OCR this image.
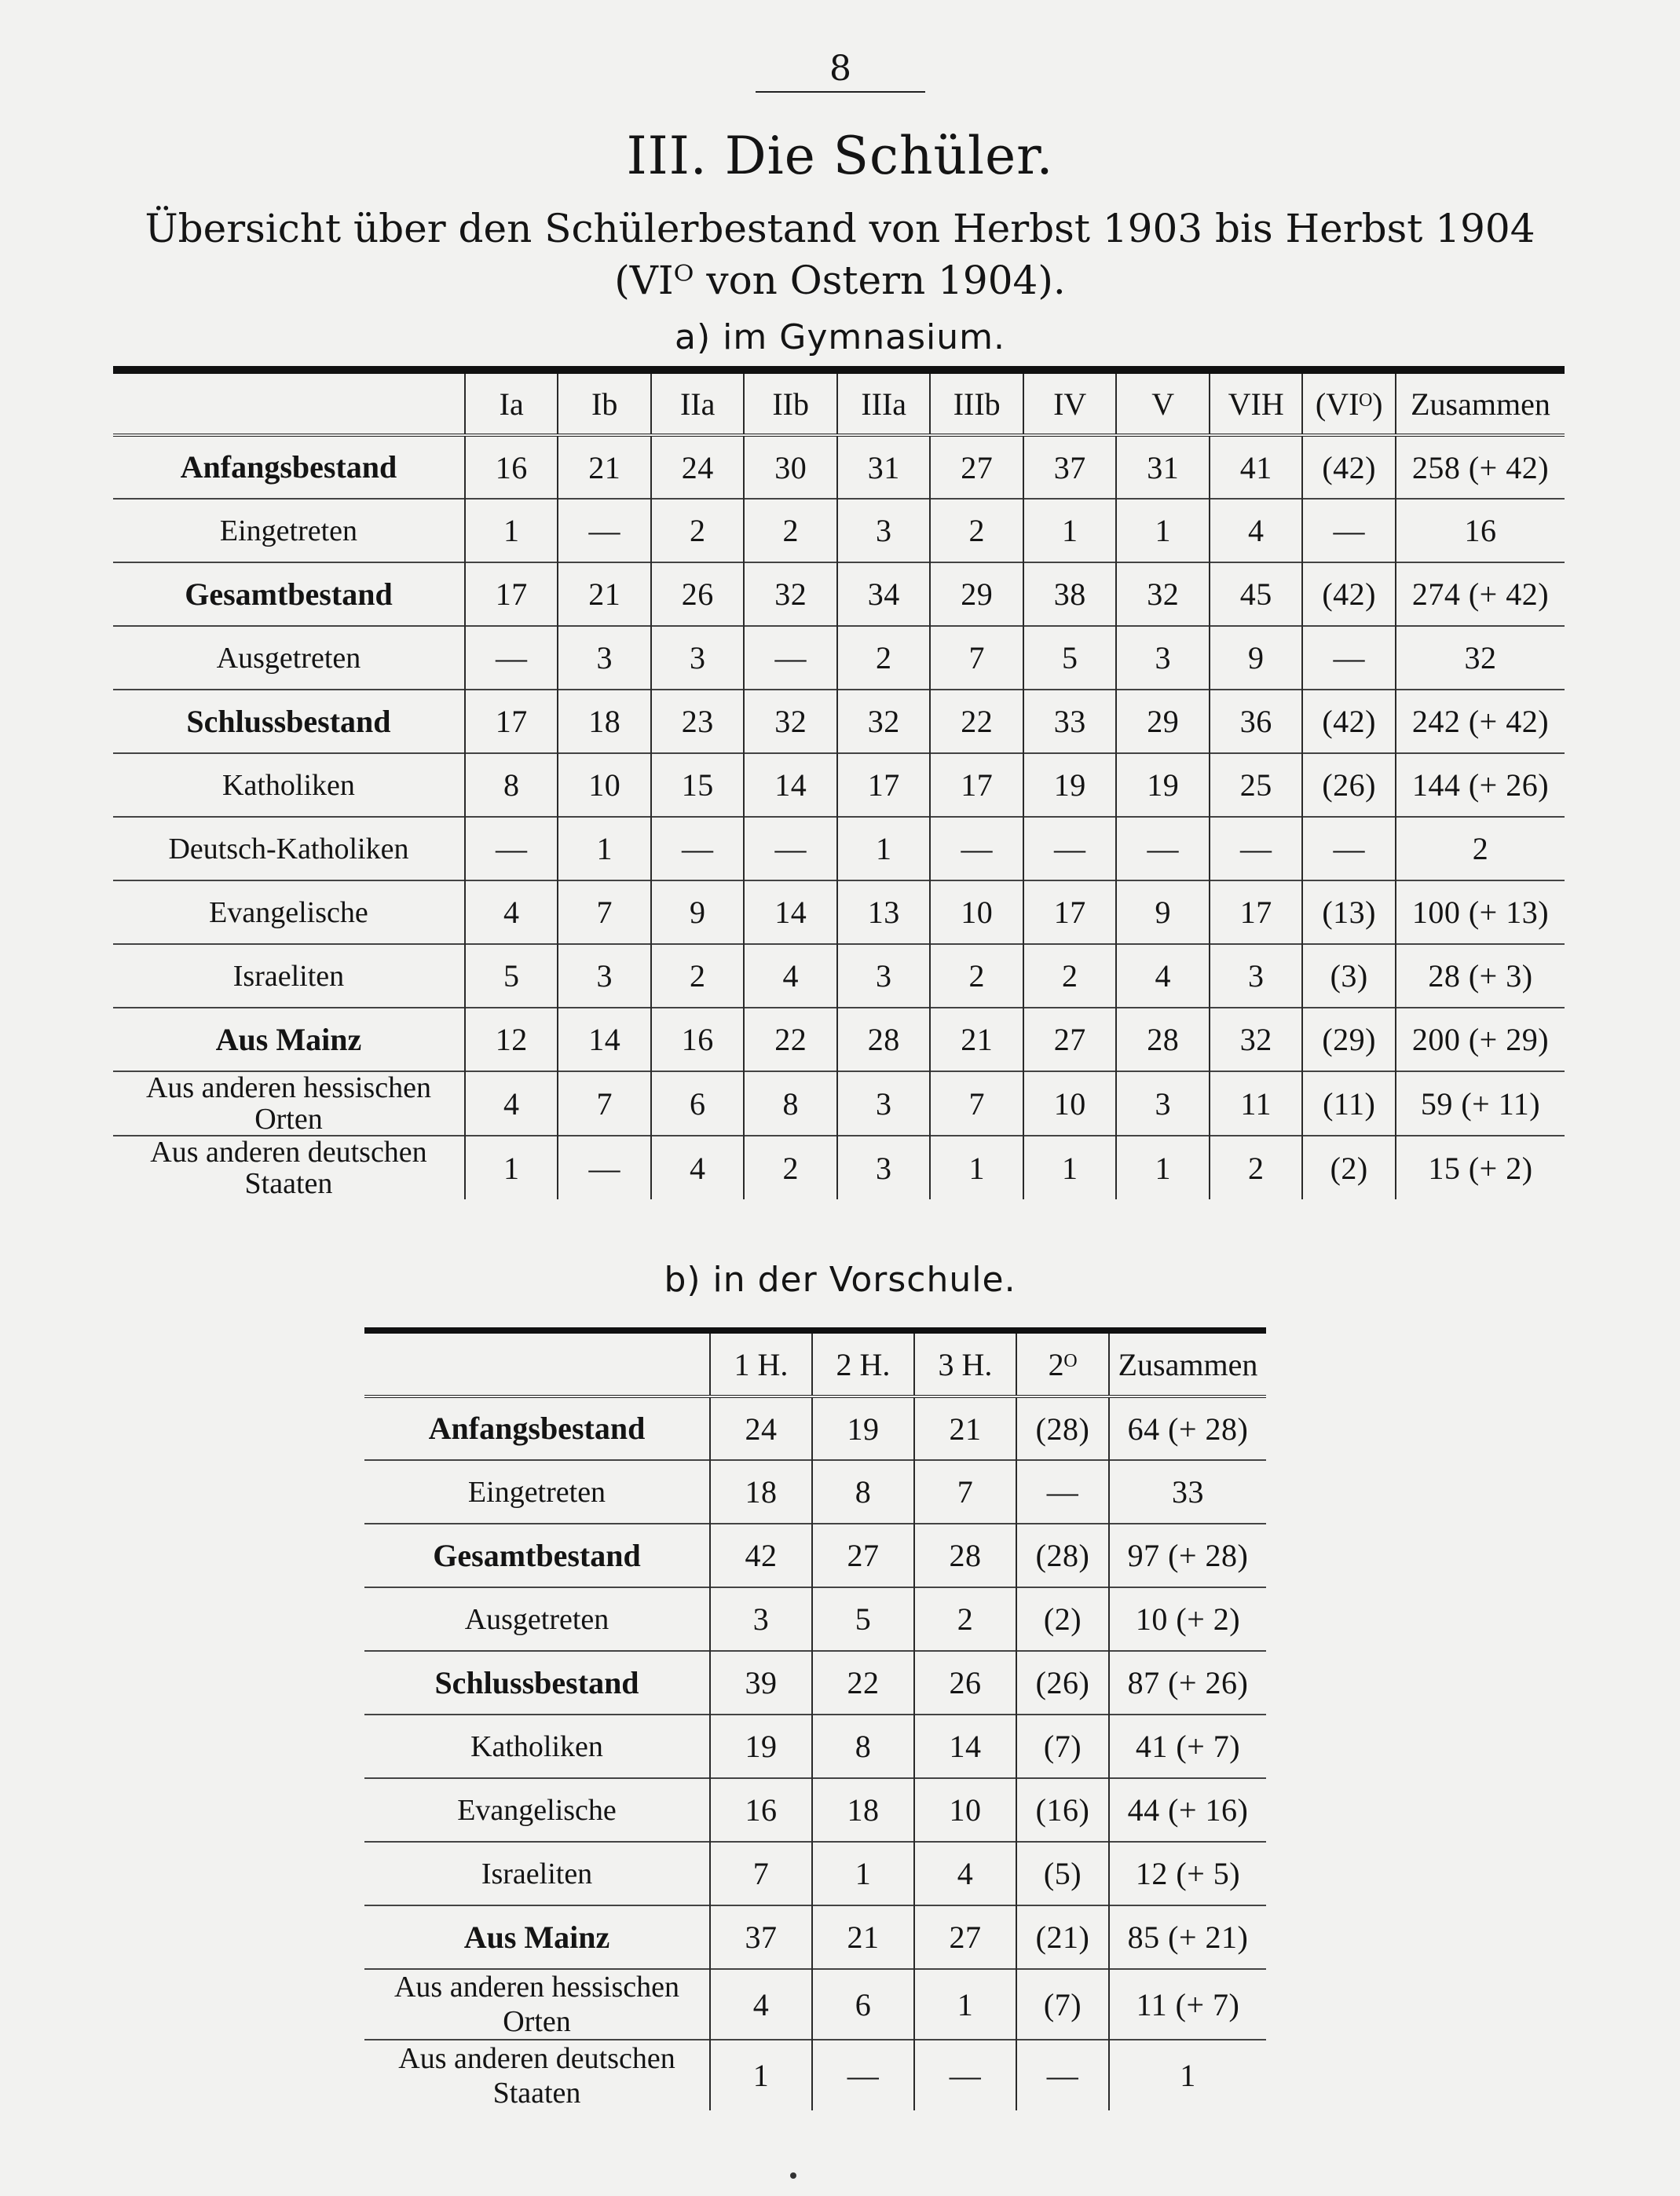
8
III. Die Schüler.
Übersicht über den Schülerbestand von Herbst 1903 bis Herbst 1904
(VIᴼ von Ostern 1904).
a) im Gymnasium.
	Ia	Ib	IIa	IIb	IIIa	IIIb	IV	V	VIH	(VIᴼ)	Zusammen
Anfangsbestand	16	21	24	30	31	27	37	31	41	(42)	258 (+ 42)
Eingetreten	1	—	2	2	3	2	1	1	4	—	16
Gesamtbestand	17	21	26	32	34	29	38	32	45	(42)	274 (+ 42)
Ausgetreten	—	3	3	—	2	7	5	3	9	—	32
Schlussbestand	17	18	23	32	32	22	33	29	36	(42)	242 (+ 42)
Katholiken	8	10	15	14	17	17	19	19	25	(26)	144 (+ 26)
Deutsch-Katholiken	—	1	—	—	1	—	—	—	—	—	2
Evangelische	4	7	9	14	13	10	17	9	17	(13)	100 (+ 13)
Israeliten	5	3	2	4	3	2	2	4	3	(3)	28 (+ 3)
Aus Mainz	12	14	16	22	28	21	27	28	32	(29)	200 (+ 29)
Aus anderen hessischen Orten	4	7	6	8	3	7	10	3	11	(11)	59 (+ 11)
Aus anderen deutschen Staaten	1	—	4	2	3	1	1	1	2	(2)	15 (+ 2)
b) in der Vorschule.
	1 H.	2 H.	3 H.	2ᴼ	Zusammen
Anfangsbestand	24	19	21	(28)	64 (+ 28)
Eingetreten	18	8	7	—	33
Gesamtbestand	42	27	28	(28)	97 (+ 28)
Ausgetreten	3	5	2	(2)	10 (+ 2)
Schlussbestand	39	22	26	(26)	87 (+ 26)
Katholiken	19	8	14	(7)	41 (+ 7)
Evangelische	16	18	10	(16)	44 (+ 16)
Israeliten	7	1	4	(5)	12 (+ 5)
Aus Mainz	37	21	27	(21)	85 (+ 21)
Aus anderen hessischen Orten	4	6	1	(7)	11 (+ 7)
Aus anderen deutschen Staaten	1	—	—	—	1
